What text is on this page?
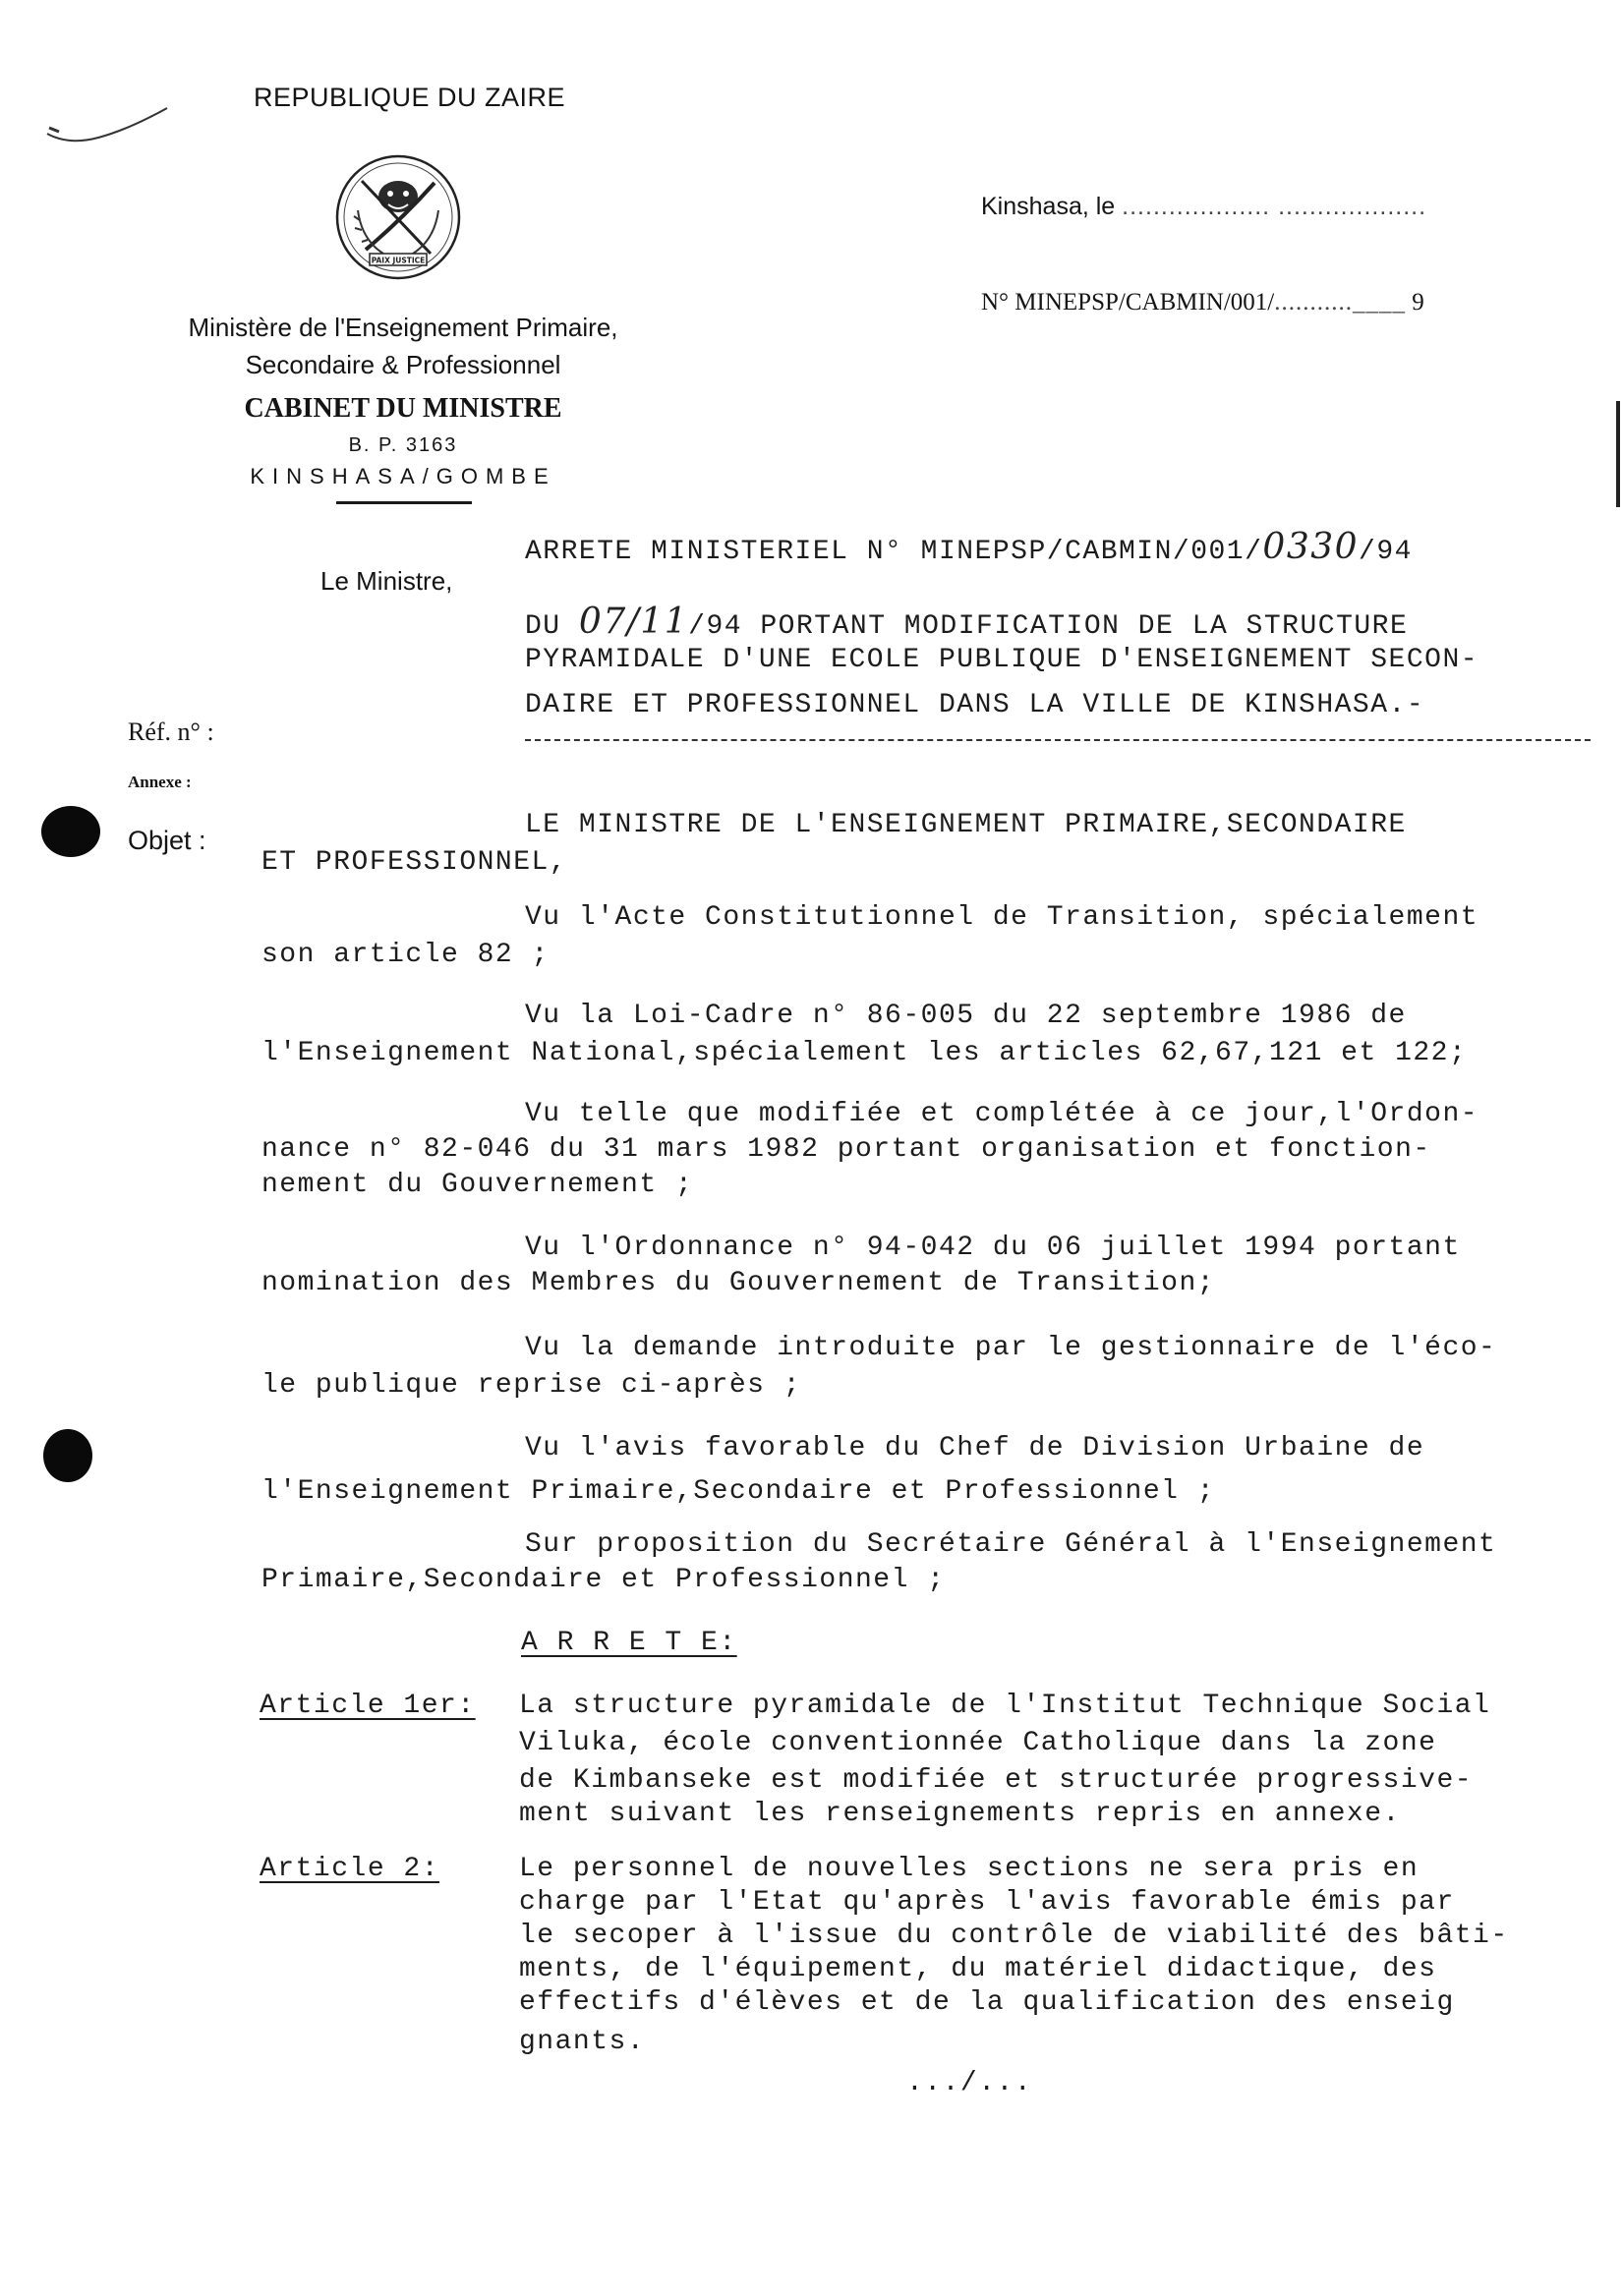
REPUBLIQUE DU ZAIRE
PAIX JUSTICE
Ministère de l'Enseignement Primaire,
Secondaire & Professionnel
CABINET DU MINISTRE
B. P. 3163
KINSHASA/GOMBE
Kinshasa, le ................... ...................
N° MINEPSP/CABMIN/001/...........____ 9
Le Ministre,
Réf. n° :
Annexe :
Objet :
ARRETE MINISTERIEL N° MINEPSP/CABMIN/001/0330/94
DU 07/11/94 PORTANT MODIFICATION DE LA STRUCTURE
PYRAMIDALE D'UNE ECOLE PUBLIQUE D'ENSEIGNEMENT SECON-
DAIRE ET PROFESSIONNEL DANS LA VILLE DE KINSHASA.-
LE MINISTRE DE L'ENSEIGNEMENT PRIMAIRE,SECONDAIRE
ET PROFESSIONNEL,
Vu l'Acte Constitutionnel de Transition, spécialement
son article 82 ;
Vu la Loi-Cadre n° 86-005 du 22 septembre 1986 de
l'Enseignement National,spécialement les articles 62,67,121 et 122;
Vu telle que modifiée et complétée à ce jour,l'Ordon-
nance n° 82-046 du 31 mars 1982 portant organisation et fonction-
nement du Gouvernement ;
Vu l'Ordonnance n° 94-042 du 06 juillet 1994 portant
nomination des Membres du Gouvernement de Transition;
Vu la demande introduite par le gestionnaire de l'éco-
le publique reprise ci-après ;
Vu l'avis favorable du Chef de Division Urbaine de
l'Enseignement Primaire,Secondaire et Professionnel ;
Sur proposition du Secrétaire Général à l'Enseignement
Primaire,Secondaire et Professionnel ;
A R R E T E:
Article 1er: La structure pyramidale de l'Institut Technique Social
Viluka, école conventionnée Catholique dans la zone
de Kimbanseke est modifiée et structurée progressive-
ment suivant les renseignements repris en annexe.
Article 2:	Le personnel de nouvelles sections ne sera pris en
charge par l'Etat qu'après l'avis favorable émis par
le secoper à l'issue du contrôle de viabilité des bâti-
ments, de l'équipement, du matériel didactique, des
effectifs d'élèves et de la qualification des enseig
gnants.
.../...
